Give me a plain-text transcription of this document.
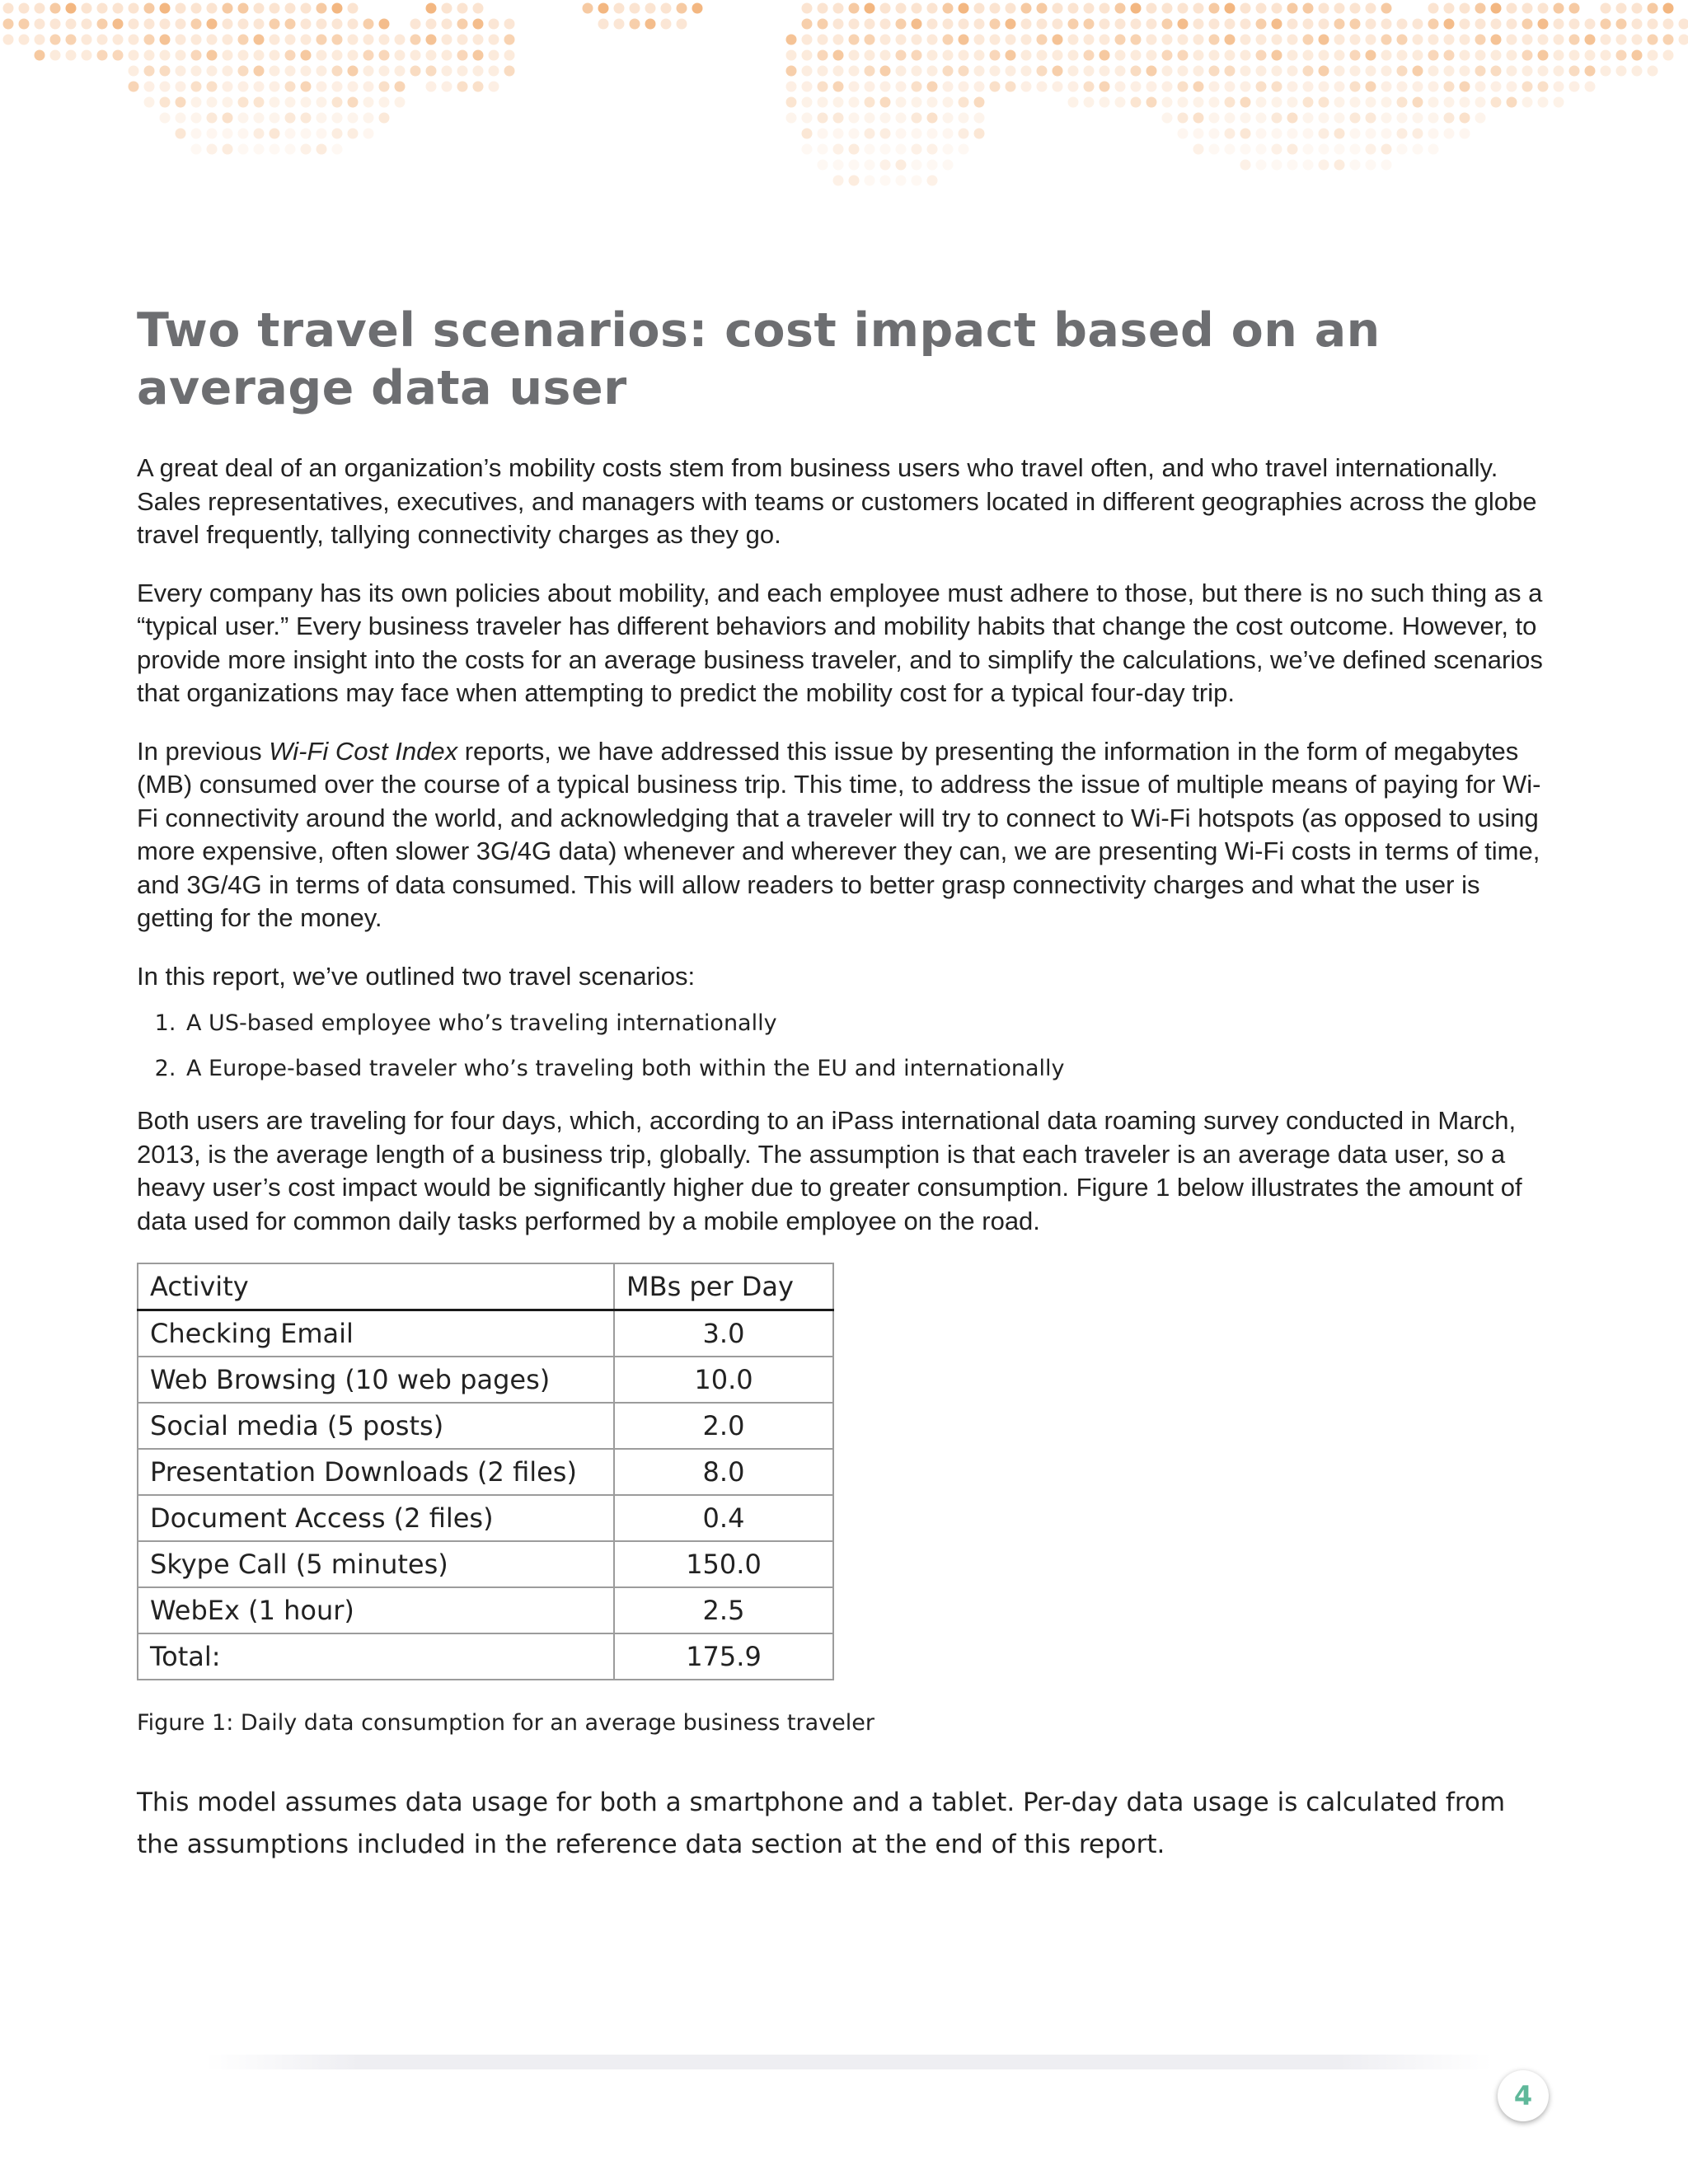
Two travel scenarios: cost impact based on an average data user

A great deal of an organization’s mobility costs stem from business users who travel often, and who travel internationally. Sales representatives, executives, and managers with teams or customers located in different geographies across the globe travel frequently, tallying connectivity charges as they go.

Every company has its own policies about mobility, and each employee must adhere to those, but there is no such thing as a “typical user.” Every business traveler has different behaviors and mobility habits that change the cost outcome. However, to provide more insight into the costs for an average business traveler, and to simplify the calculations, we’ve defined scenarios that organizations may face when attempting to predict the mobility cost for a typical four-day trip.

In previous Wi-Fi Cost Index reports, we have addressed this issue by presenting the information in the form of megabytes (MB) consumed over the course of a typical business trip. This time, to address the issue of multiple means of paying for Wi-Fi connectivity around the world, and acknowledging that a traveler will try to connect to Wi-Fi hotspots (as opposed to using more expensive, often slower 3G/4G data) whenever and wherever they can, we are presenting Wi-Fi costs in terms of time, and 3G/4G in terms of data consumed. This will allow readers to better grasp connectivity charges and what the user is getting for the money.

In this report, we’ve outlined two travel scenarios:

1. A US-based employee who’s traveling internationally
2. A Europe-based traveler who’s traveling both within the EU and internationally

Both users are traveling for four days, which, according to an iPass international data roaming survey conducted in March, 2013, is the average length of a business trip, globally. The assumption is that each traveler is an average data user, so a heavy user’s cost impact would be significantly higher due to greater consumption. Figure 1 below illustrates the amount of data used for common daily tasks performed by a mobile employee on the road.

Activity	MBs per Day
Checking Email	3.0
Web Browsing (10 web pages)	10.0
Social media (5 posts)	2.0
Presentation Downloads (2 files)	8.0
Document Access (2 files)	0.4
Skype Call (5 minutes)	150.0
WebEx (1 hour)	2.5
Total:	175.9
Figure 1: Daily data consumption for an average business traveler

This model assumes data usage for both a smartphone and a tablet. Per-day data usage is calculated from the assumptions included in the reference data section at the end of this report.

4
